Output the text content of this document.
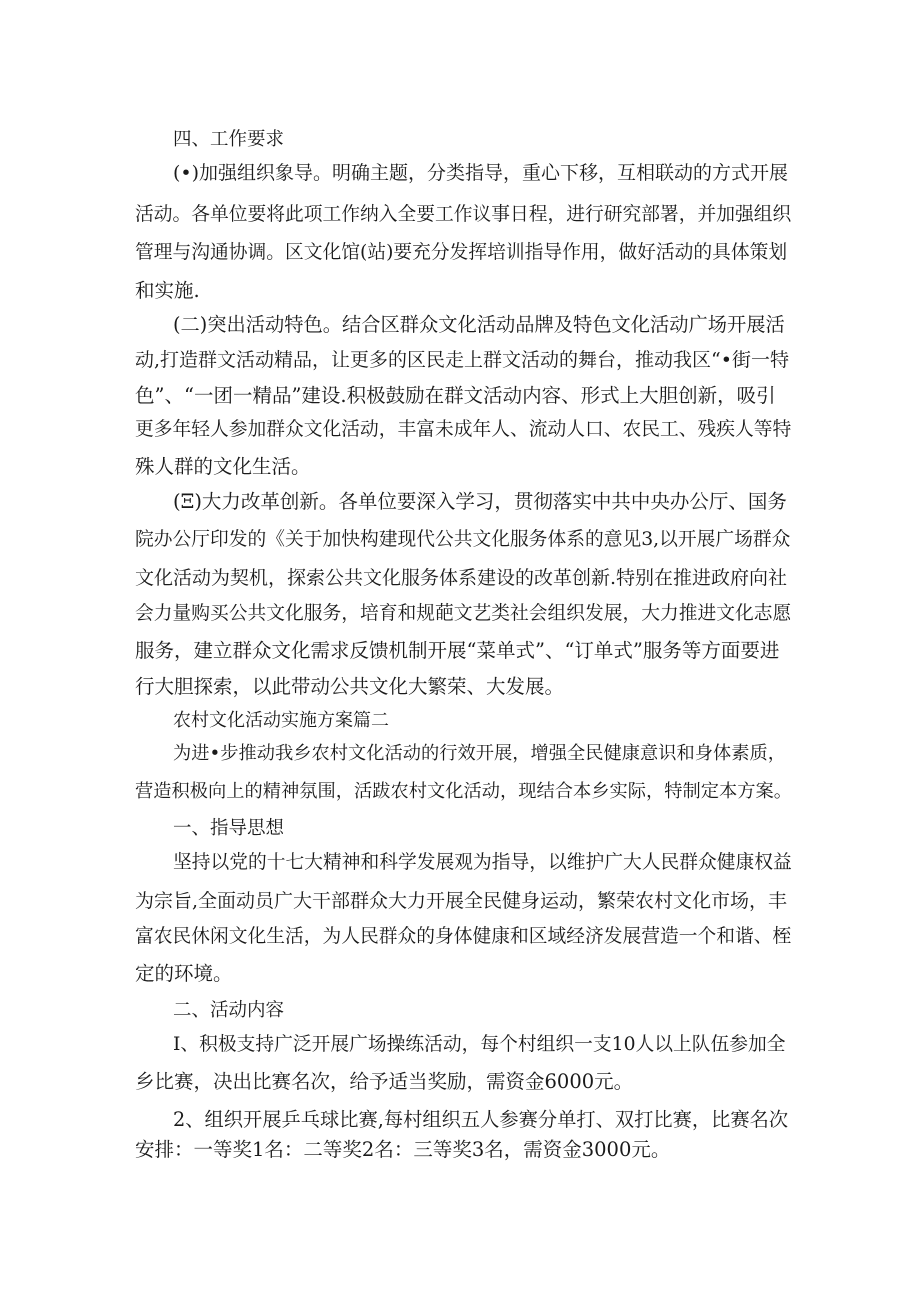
四、工作要求
(•)加强组织象导。明确主题，分类指导，重心下移，互相联动的方式开展
活动。各单位要将此项工作纳入全要工作议事日程，进行研究部署，并加强组织
管理与沟通协调。区文化馆(站)要充分发挥培训指导作用，做好活动的具体策划
和实施.
(二)突出活动特色。结合区群众文化活动品牌及特色文化活动广场开展活
动,打造群文活动精品，让更多的区民走上群文活动的舞台，推动我区“•街一特
色”、“一团一精品”建设.积极鼓励在群文活动内容、形式上大胆创新，吸引
更多年轻人参加群众文化活动，丰富未成年人、流动人口、农民工、残疾人等特
殊人群的文化生活。
(Ξ)大力改革创新。各单位要深入学习，贯彻落实中共中央办公厅、国务
院办公厅印发的《关于加快构建现代公共文化服务体系的意见3,以开展广场群众
文化活动为契机，探索公共文化服务体系建设的改革创新.特别在推进政府向社
会力量购买公共文化服务，培育和规葩文艺类社会组织发展，大力推进文化志愿
服务，建立群众文化需求反馈机制开展“菜单式”、“订单式”服务等方面要进
行大胆探索，以此带动公共文化大繁荣、大发展。
农村文化活动实施方案篇二
为进•步推动我乡农村文化活动的行效开展，增强全民健康意识和身体素质，
营造积极向上的精神氛围，活跋农村文化活动，现结合本乡实际，特制定本方案。
一、指导思想
坚持以党的十七大精神和科学发展观为指导，以维护广大人民群众健康权益
为宗旨,全面动员广大干部群众大力开展全民健身运动，繁荣农村文化市场，丰
富农民休闲文化生活，为人民群众的身体健康和区域经济发展营造一个和谐、桎
定的环境。
二、活动内容
I、积极支持广泛开展广场操练活动，每个村组织一支10人以上队伍参加全
乡比赛，决出比赛名次，给予适当奖励，需资金6000元。
2、组织开展乒乓球比赛,每村组织五人参赛分单打、双打比赛，比赛名次
安排：一等奖1名：二等奖2名：三等奖3名，需资金3000元。
